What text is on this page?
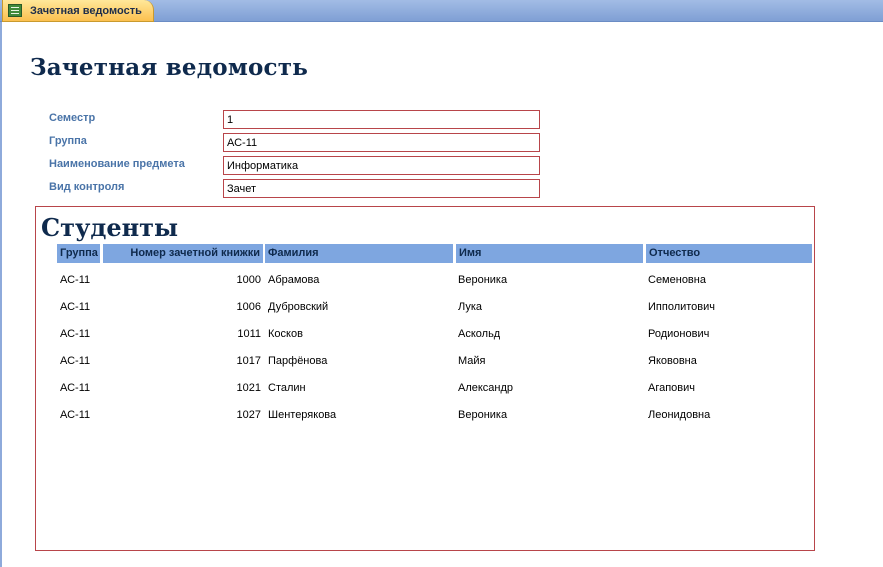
Зачетная ведомость
Зачетная ведомость
Семестр	1
Группа	АС-11
Наименование предмета	Информатика
Вид контроля	Зачет
Студенты
Группа	Номер зачетной книжки Фамилия	Имя	Отчество
АС-11	1000 Абрамова	Вероника	Семеновна
АС-11	1006 Дубровский	Лука	Ипполитович
АС-11	1011 Косков	Аскольд	Родионович
АС-11	1017 Парфёнова	Майя	Якововна
АС-11	1021 Сталин	Александр	Агапович
АС-11	1027 Шентерякова	Вероника	Леонидовна
